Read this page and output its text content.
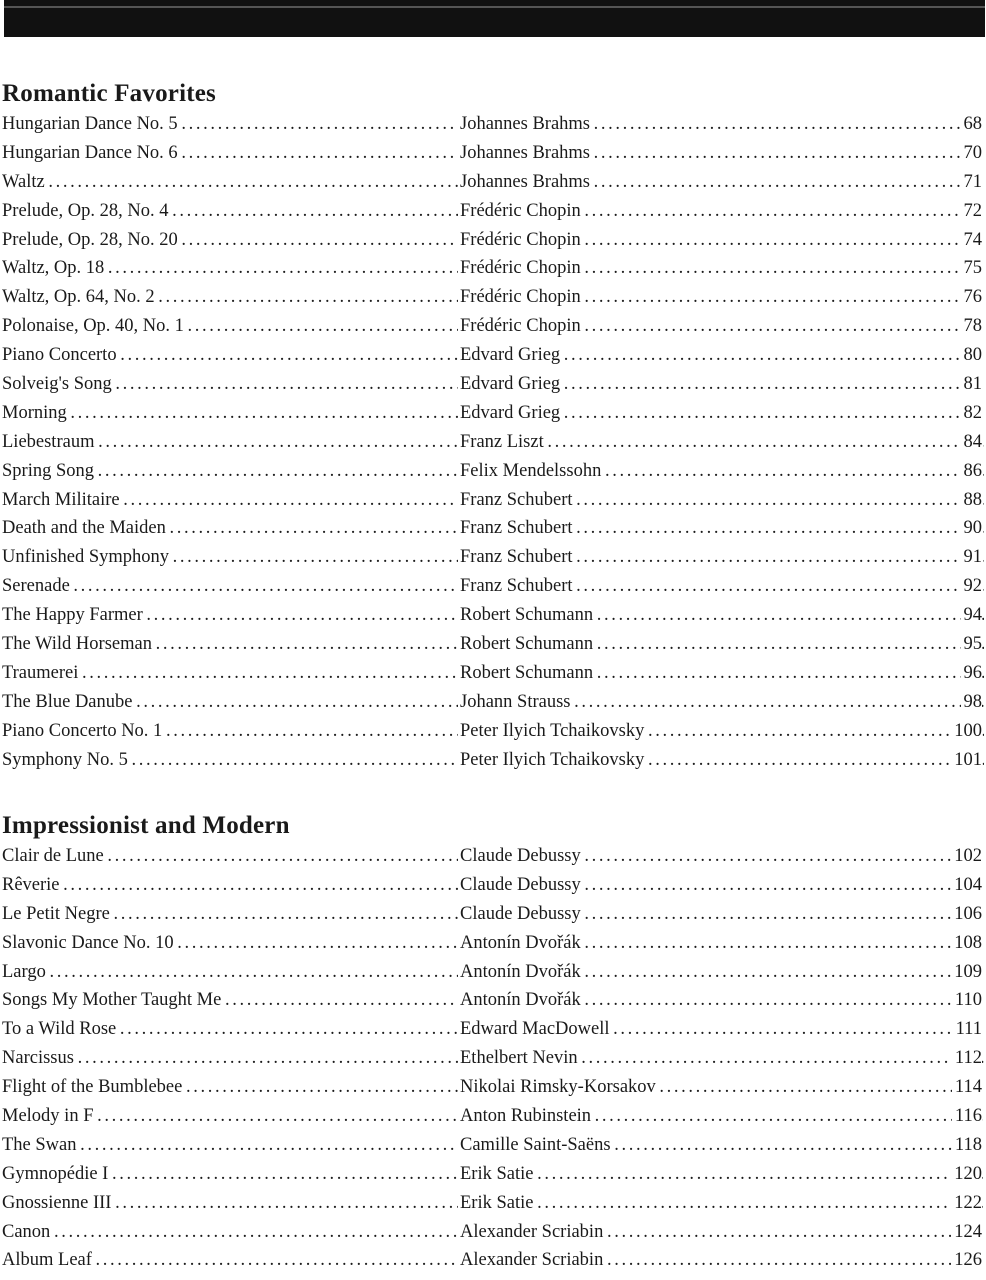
Romantic Favorites
Hungarian Dance No. 5 . . .	Johannes Brahms . . .	68
Hungarian Dance No. 6 . . .	Johannes Brahms . . .	70
Waltz . . .	Johannes Brahms . . .	71
Prelude, Op. 28, No. 4 . . .	Frédéric Chopin . . .	72
Prelude, Op. 28, No. 20 . . .	Frédéric Chopin . . .	74
Waltz, Op. 18 . . .	Frédéric Chopin . . .	75
Waltz, Op. 64, No. 2 . . .	Frédéric Chopin . . .	76
Polonaise, Op. 40, No. 1 . . .	Frédéric Chopin . . .	78
Piano Concerto . . .	Edvard Grieg . . .	80
Solveig's Song . . .	Edvard Grieg . . .	81
Morning . . .	Edvard Grieg . . .	82
Liebestraum . . .	Franz Liszt . . .	84
Spring Song . . .	Felix Mendelssohn . . .	86
March Militaire . . .	Franz Schubert . . .	88
Death and the Maiden . . .	Franz Schubert . . .	90
Unfinished Symphony . . .	Franz Schubert . . .	91
Serenade . . .	Franz Schubert . . .	92
The Happy Farmer . . .	Robert Schumann . . .	94
The Wild Horseman . . .	Robert Schumann . . .	95
Traumerei . . .	Robert Schumann . . .	96
The Blue Danube . . .	Johann Strauss . . .	98
Piano Concerto No. 1 . . .	Peter Ilyich Tchaikovsky . . .	100
Symphony No. 5 . . .	Peter Ilyich Tchaikovsky . . .	101
Impressionist and Modern
Clair de Lune . . .	Claude Debussy . . .	102
Rêverie . . .	Claude Debussy . . .	104
Le Petit Negre . . .	Claude Debussy . . .	106
Slavonic Dance No. 10 . . .	Antonín Dvořák . . .	108
Largo . . .	Antonín Dvořák . . .	109
Songs My Mother Taught Me . . .	Antonín Dvořák . . .	110
To a Wild Rose . . .	Edward MacDowell . . .	111
Narcissus . . .	Ethelbert Nevin . . .	112
Flight of the Bumblebee . . .	Nikolai Rimsky-Korsakov . . .	114
Melody in F . . .	Anton Rubinstein . . .	116
The Swan . . .	Camille Saint-Saëns . . .	118
Gymnopédie I . . .	Erik Satie . . .	120
Gnossienne III . . .	Erik Satie . . .	122
Canon . . .	Alexander Scriabin . . .	124
Album Leaf . . .	Alexander Scriabin . . .	126
